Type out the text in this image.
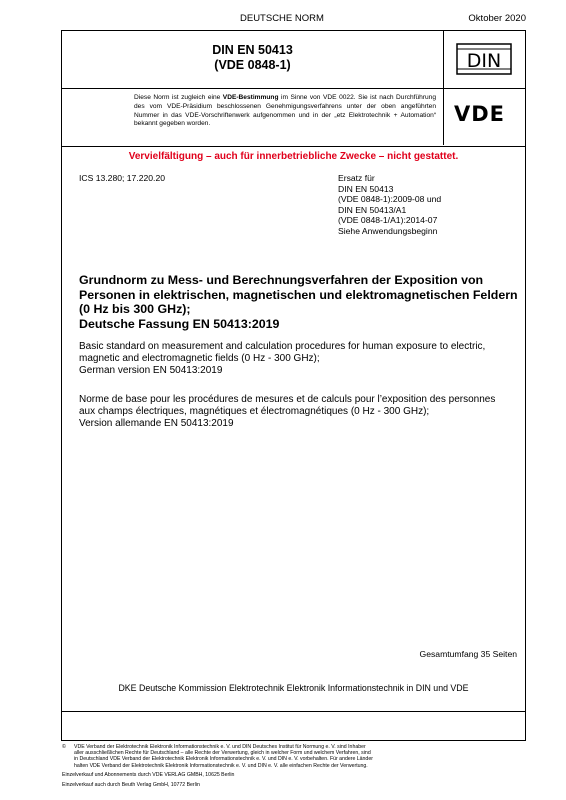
DEUTSCHE NORM	Oktober 2020
DIN EN 50413
(VDE 0848-1)	DIN
Diese Norm ist zugleich eine VDE-Bestimmung im Sinne von VDE 0022. Sie ist nach Durchführung des vom VDE-Präsidium beschlossenen Genehmigungsverfahrens unter der oben angeführten Nummer in das VDE-Vorschriftenwerk aufgenommen und in der „etz Elektrotechnik + Automation“ bekannt gegeben worden.	VDE
Vervielfältigung – auch für innerbetriebliche Zwecke – nicht gestattet.
ICS 13.280; 17.220.20	Ersatz für
DIN EN 50413
(VDE 0848-1):2009-08 und
DIN EN 50413/A1
(VDE 0848-1/A1):2014-07
Siehe Anwendungsbeginn
Grundnorm zu Mess- und Berechnungsverfahren der Exposition von
Personen in elektrischen, magnetischen und elektromagnetischen Feldern
(0 Hz bis 300 GHz);
Deutsche Fassung EN 50413:2019
Basic standard on measurement and calculation procedures for human exposure to electric,
magnetic and electromagnetic fields (0 Hz - 300 GHz);
German version EN 50413:2019
Norme de base pour les procédures de mesures et de calculs pour l’exposition des personnes
aux champs électriques, magnétiques et électromagnétiques (0 Hz - 300 GHz);
Version allemande EN 50413:2019
Gesamtumfang 35 Seiten
DKE Deutsche Kommission Elektrotechnik Elektronik Informationstechnik in DIN und VDE
© VDE Verband der Elektrotechnik Elektronik Informationstechnik e. V. und DIN Deutsches Institut für Normung e. V. sind Inhaber
aller ausschließlichen Rechte für Deutschland – alle Rechte der Verwertung, gleich in welcher Form und welchem Verfahren, sind
in Deutschland VDE Verband der Elektrotechnik Elektronik Informationstechnik e. V. und DIN e. V. vorbehalten. Für andere Länder
halten VDE Verband der Elektrotechnik Elektronik Informationstechnik e. V. und DIN e. V. alle einfachen Rechte der Verwertung.
Einzelverkauf und Abonnements durch VDE VERLAG GMBH, 10625 Berlin
Einzelverkauf auch durch Beuth Verlag GmbH, 10772 Berlin
